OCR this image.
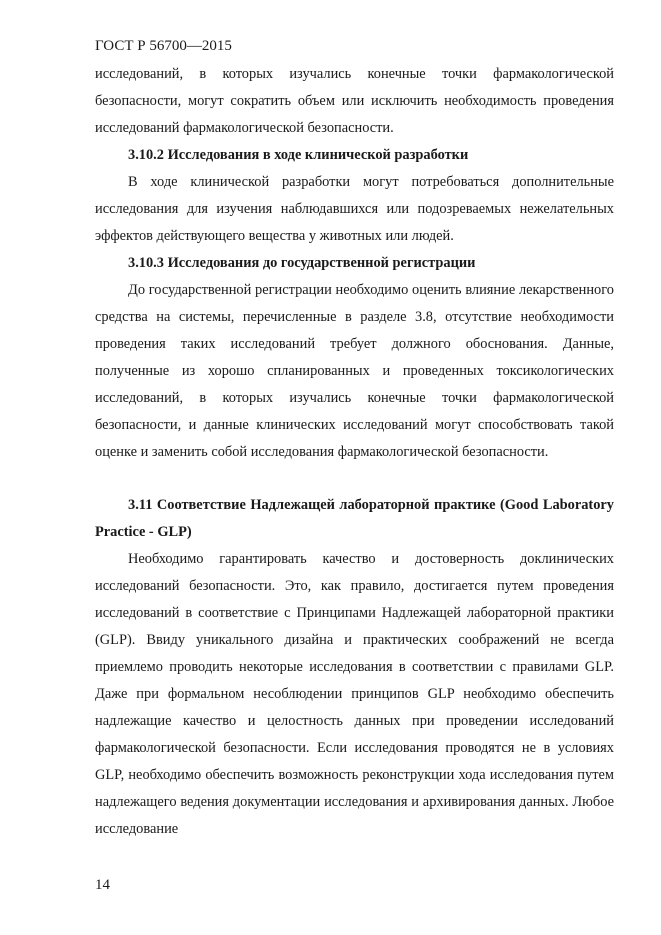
ГОСТ Р 56700—2015

исследований, в которых изучались конечные точки фармакологической безопасности, могут сократить объем или исключить необходимость проведения исследований фармакологической безопасности.

3.10.2 Исследования в ходе клинической разработки

В ходе клинической разработки могут потребоваться дополнительные исследования для изучения наблюдавшихся или подозреваемых нежелательных эффектов действующего вещества у животных или людей.

3.10.3 Исследования до государственной регистрации

До государственной регистрации необходимо оценить влияние лекарственного средства на системы, перечисленные в разделе 3.8, отсутствие необходимости проведения таких исследований требует должного обоснования. Данные, полученные из хорошо спланированных и проведенных токсикологических исследований, в которых изучались конечные точки фармакологической безопасности, и данные клинических исследований могут способствовать такой оценке и заменить собой исследования фармакологической безопасности.

3.11 Соответствие Надлежащей лабораторной практике (Good Laboratory Practice - GLP)

Необходимо гарантировать качество и достоверность доклинических исследований безопасности. Это, как правило, достигается путем проведения исследований в соответствие с Принципами Надлежащей лабораторной практики (GLP). Ввиду уникального дизайна и практических соображений не всегда приемлемо проводить некоторые исследования в соответствии с правилами GLP. Даже при формальном несоблюдении принципов GLP необходимо обеспечить надлежащие качество и целостность данных при проведении исследований фармакологической безопасности. Если исследования проводятся не в условиях GLP, необходимо обеспечить возможность реконструкции хода исследования путем надлежащего ведения документации исследования и архивирования данных. Любое исследование

14
